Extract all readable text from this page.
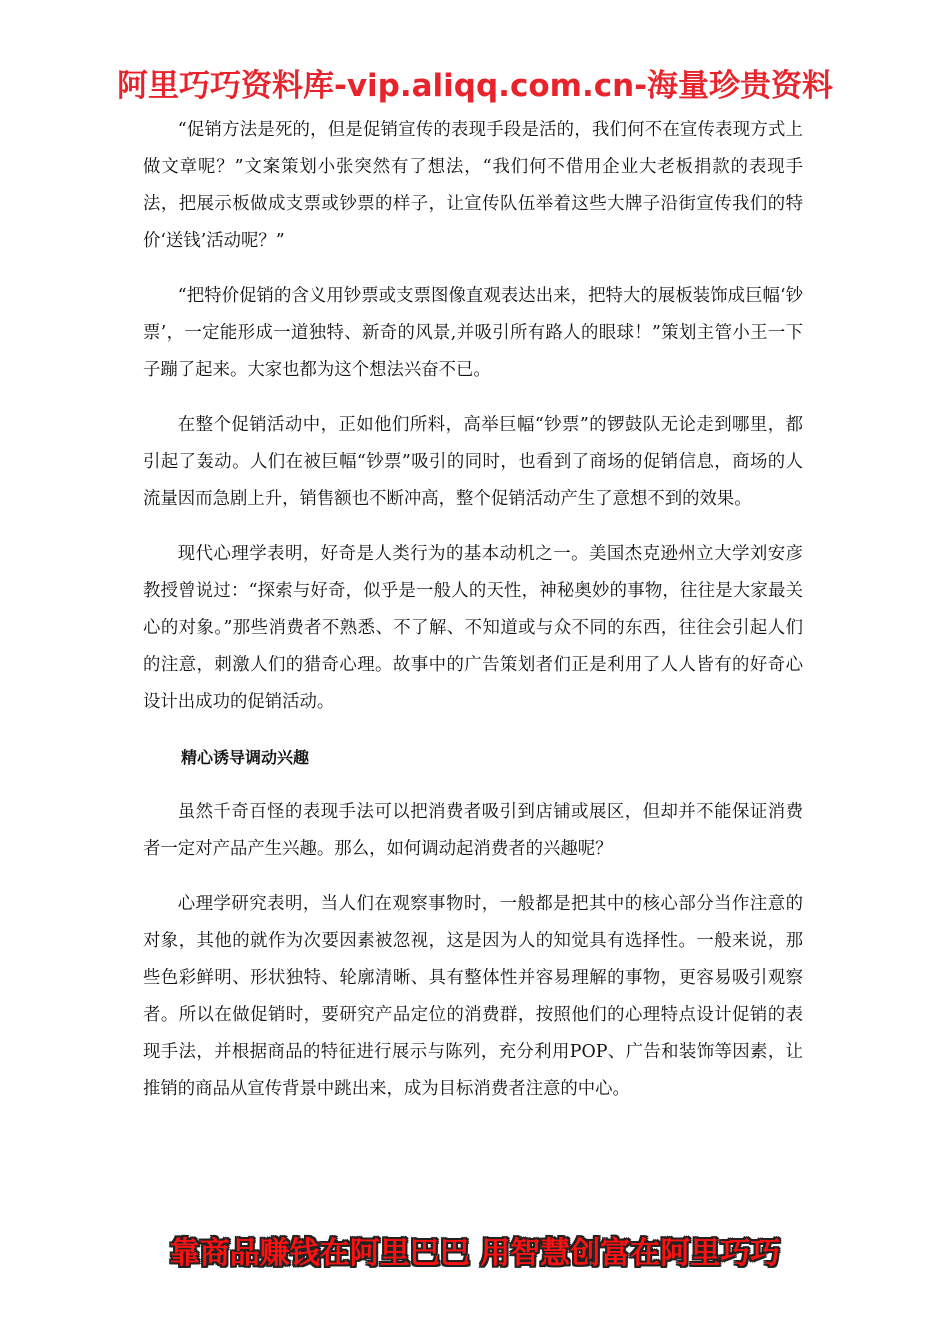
阿里巧巧资料库-vip.aliqq.com.cn-海量珍贵资料

“促销方法是死的，但是促销宣传的表现手段是活的，我们何不在宣传表现方式上做文章呢？”文案策划小张突然有了想法，“我们何不借用企业大老板捐款的表现手法，把展示板做成支票或钞票的样子，让宣传队伍举着这些大牌子沿街宣传我们的特价‘送钱’活动呢？”

“把特价促销的含义用钞票或支票图像直观表达出来，把特大的展板装饰成巨幅‘钞票’，一定能形成一道独特、新奇的风景,并吸引所有路人的眼球！”策划主管小王一下子蹦了起来。大家也都为这个想法兴奋不已。

在整个促销活动中，正如他们所料，高举巨幅“钞票”的锣鼓队无论走到哪里，都引起了轰动。人们在被巨幅“钞票”吸引的同时，也看到了商场的促销信息，商场的人流量因而急剧上升，销售额也不断冲高，整个促销活动产生了意想不到的效果。

现代心理学表明，好奇是人类行为的基本动机之一。美国杰克逊州立大学刘安彦教授曾说过：“探索与好奇，似乎是一般人的天性，神秘奥妙的事物，往往是大家最关心的对象。”那些消费者不熟悉、不了解、不知道或与众不同的东西，往往会引起人们的注意，刺激人们的猎奇心理。故事中的广告策划者们正是利用了人人皆有的好奇心设计出成功的促销活动。

精心诱导调动兴趣

虽然千奇百怪的表现手法可以把消费者吸引到店铺或展区，但却并不能保证消费者一定对产品产生兴趣。那么，如何调动起消费者的兴趣呢？

心理学研究表明，当人们在观察事物时，一般都是把其中的核心部分当作注意的对象，其他的就作为次要因素被忽视，这是因为人的知觉具有选择性。一般来说，那些色彩鲜明、形状独特、轮廓清晰、具有整体性并容易理解的事物，更容易吸引观察者。所以在做促销时，要研究产品定位的消费群，按照他们的心理特点设计促销的表现手法，并根据商品的特征进行展示与陈列，充分利用POP、广告和装饰等因素，让推销的商品从宣传背景中跳出来，成为目标消费者注意的中心。

靠商品赚钱在阿里巴巴 用智慧创富在阿里巧巧
